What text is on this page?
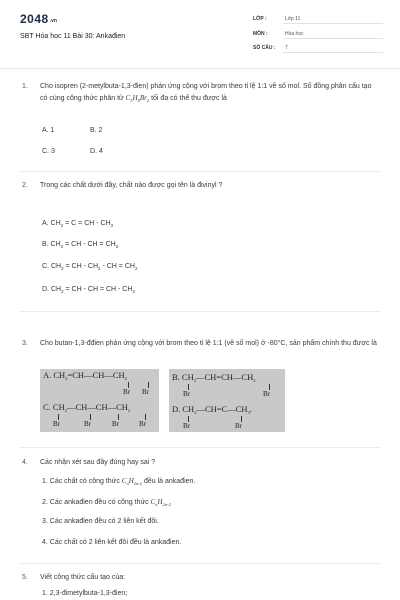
2048.vn
SBT Hóa học 11 Bài 30: Ankađien
LỚP :	Lớp 11
MÔN :	Hóa học
SỐ CÂU : 7
1. Cho isopren (2-metylbuta-1,3-đien) phản ứng cộng với brom theo tỉ lệ 1:1 về số mol. Số đồng phân cấu tạo có cùng công thức phân tử $C_5H_8Br_2$ tối đa có thể thu được là
A. 1	B. 2
C. 3	D. 4
2. Trong các chất dưới đây, chất nào được gọi tên là đivinyl ?
A. $CH_2 = C$ = CH - $CH_3$
B. $CH_2$ = CH - CH = $CH_2$
C. $CH_2$ = CH - $CH_2$ - CH = $CH_2$
D. $CH_2$ = CH - CH = CH - $CH_3$
3. Cho butan-1,3-đđien phản ứng cộng với brom theo tỉ lệ 1:1 (về số mol) ở -80°C, sản phẩm chính thu được là
A. $CH_2=CH—CH—CH_2$
Br Br
C. $CH_2—CH—CH—CH_2$
Br	Br	Br	Br
B. $CH_2—CH=CH—CH_2$
Br	Br
D. $CH_2—CH=C—CH_3$.
Br	Br
4. Các nhận xét sau đây đúng hay sai ?
1. Các chất có công thức $C_nH_{2n-2}$ đều là ankađien.
2. Các ankađien đều có công thức $C_nH_{2n-2}$
3. Các ankađien đều có 2 liên kết đôi.
4. Các chất có 2 liên kết đôi đều là ankađien.
5. Viết công thức cấu tạo của:
1. 2,3-đimetylbuta-1,3-đien;
